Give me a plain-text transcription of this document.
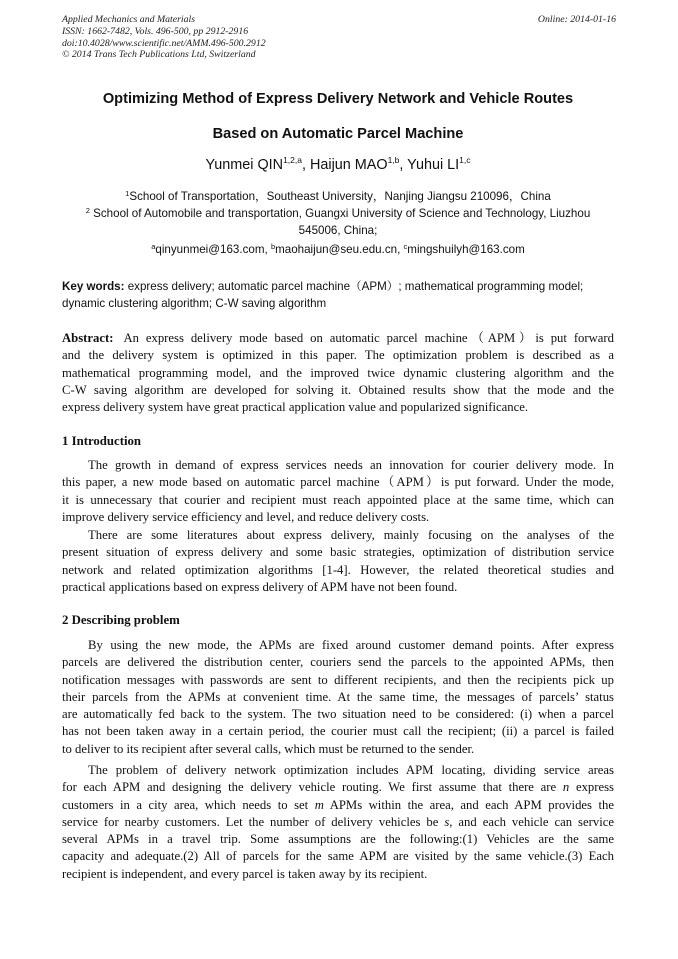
Applied Mechanics and Materials
ISSN: 1662-7482, Vols. 496-500, pp 2912-2916
doi:10.4028/www.scientific.net/AMM.496-500.2912
© 2014 Trans Tech Publications Ltd, Switzerland
Online: 2014-01-16
Optimizing Method of Express Delivery Network and Vehicle Routes
Based on Automatic Parcel Machine
Yunmei QIN$^{1,2,a}$, Haijun MAO$^{1,b}$, Yuhui LI$^{1,c}$
$^1$School of Transportation，Southeast University，Nanjing Jiangsu 210096，China
$^2$ School of Automobile and transportation, Guangxi University of Science and Technology, Liuzhou
545006, China;
$^a$qinyunmei@163.com, $^b$maohaijun@seu.edu.cn, $^c$mingshuilyh@163.com
Key words: express delivery; automatic parcel machine（APM）; mathematical programming model;
dynamic clustering algorithm; C-W saving algorithm
Abstract: An express delivery mode based on automatic parcel machine（APM）is put forward
and the delivery system is optimized in this paper. The optimization problem is described as a
mathematical programming model, and the improved twice dynamic clustering algorithm and the
C-W saving algorithm are developed for solving it. Obtained results show that the mode and the
express delivery system have great practical application value and popularized significance.
1 Introduction
The growth in demand of express services needs an innovation for courier delivery mode. In
this paper, a new mode based on automatic parcel machine（APM）is put forward. Under the mode,
it is unnecessary that courier and recipient must reach appointed place at the same time, which can
improve delivery service efficiency and level, and reduce delivery costs.
There are some literatures about express delivery, mainly focusing on the analyses of the
present situation of express delivery and some basic strategies, optimization of distribution service
network and related optimization algorithms [1-4]. However, the related theoretical studies and
practical applications based on express delivery of APM have not been found.
2 Describing problem
By using the new mode, the APMs are fixed around customer demand points. After express
parcels are delivered the distribution center, couriers send the parcels to the appointed APMs, then
notification messages with passwords are sent to different recipients, and then the recipients pick up
their parcels from the APMs at convenient time. At the same time, the messages of parcels’ status
are automatically fed back to the system. The two situation need to be considered: (i) when a parcel
has not been taken away in a certain period, the courier must call the recipient; (ii) a parcel is failed
to deliver to its recipient after several calls, which must be returned to the sender.
The problem of delivery network optimization includes APM locating, dividing service areas
for each APM and designing the delivery vehicle routing. We first assume that there are n express
customers in a city area, which needs to set m APMs within the area, and each APM provides the
service for nearby customers. Let the number of delivery vehicles be s, and each vehicle can service
several APMs in a travel trip. Some assumptions are the following:(1) Vehicles are the same
capacity and adequate.(2) All of parcels for the same APM are visited by the same vehicle.(3) Each
recipient is independent, and every parcel is taken away by its recipient.
